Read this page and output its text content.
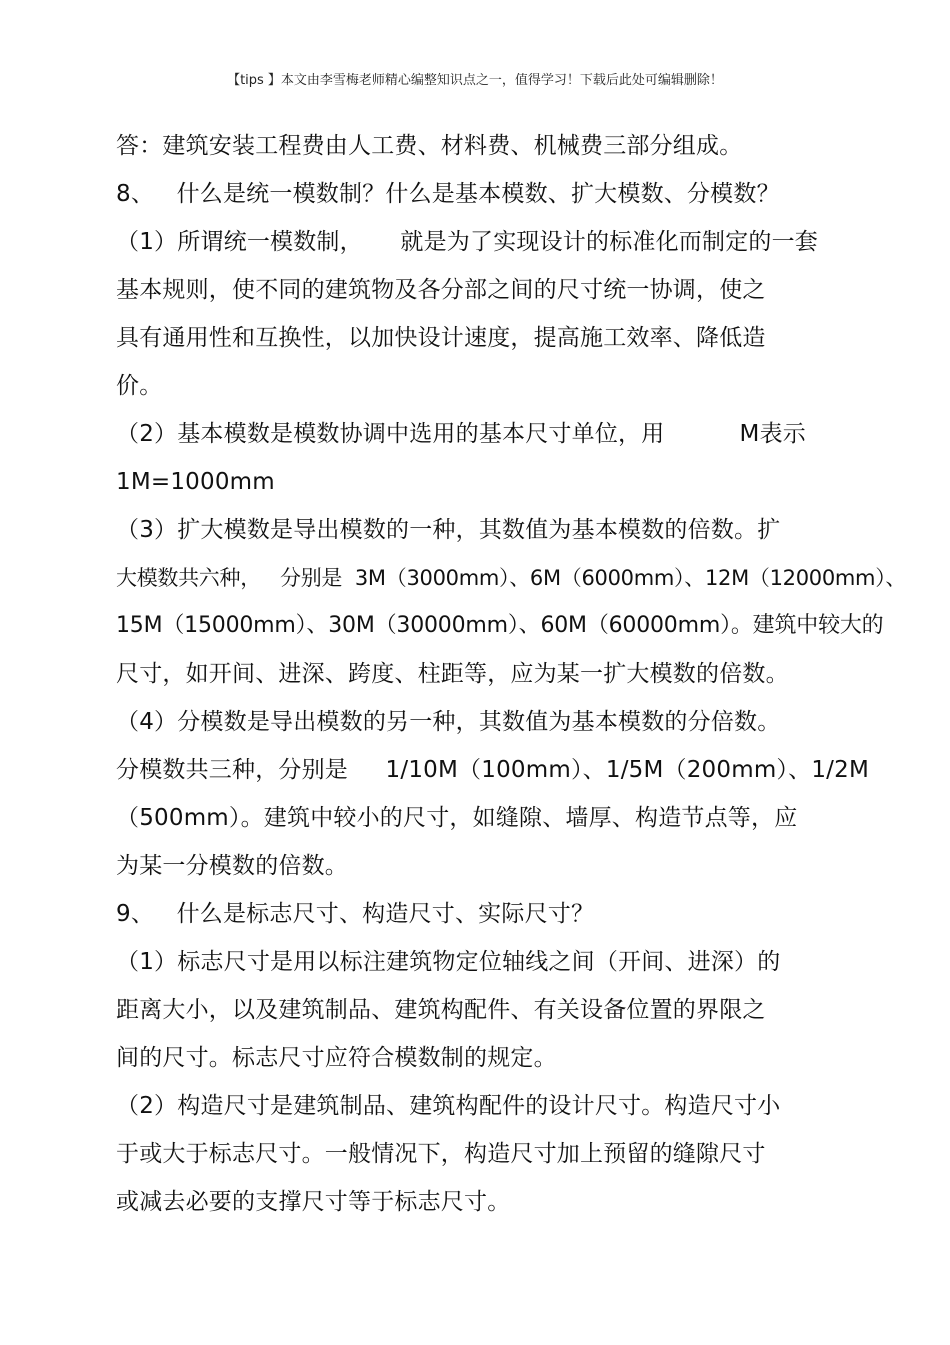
【tips 】本文由李雪梅老师精心编整知识点之一，值得学习！下载后此处可编辑删除！
答：建筑安装工程费由人工费、材料费、机械费三部分组成。
8、   什么是统一模数制？什么是基本模数、扩大模数、分模数？
（1）所谓统一模数制，     就是为了实现设计的标准化而制定的一套
基本规则，使不同的建筑物及各分部之间的尺寸统一协调，使之
具有通用性和互换性，以加快设计速度，提高施工效率、降低造
价。
（2）基本模数是模数协调中选用的基本尺寸单位，用          M表示
1M=1000mm
（3）扩大模数是导出模数的一种，其数值为基本模数的倍数。扩
大模数共六种，   分别是  3M（3000mm）、6M（6000mm）、12M（12000mm）、
15M（15000mm）、30M（30000mm）、60M（60000mm）。建筑中较大的
尺寸，如开间、进深、跨度、柱距等，应为某一扩大模数的倍数。
（4）分模数是导出模数的另一种，其数值为基本模数的分倍数。
分模数共三种，分别是     1/10M（100mm）、1/5M（200mm）、1/2M
（500mm）。建筑中较小的尺寸，如缝隙、墙厚、构造节点等，应
为某一分模数的倍数。
9、   什么是标志尺寸、构造尺寸、实际尺寸？
（1）标志尺寸是用以标注建筑物定位轴线之间（开间、进深）的
距离大小，以及建筑制品、建筑构配件、有关设备位置的界限之
间的尺寸。标志尺寸应符合模数制的规定。
（2）构造尺寸是建筑制品、建筑构配件的设计尺寸。构造尺寸小
于或大于标志尺寸。一般情况下，构造尺寸加上预留的缝隙尺寸
或减去必要的支撑尺寸等于标志尺寸。
